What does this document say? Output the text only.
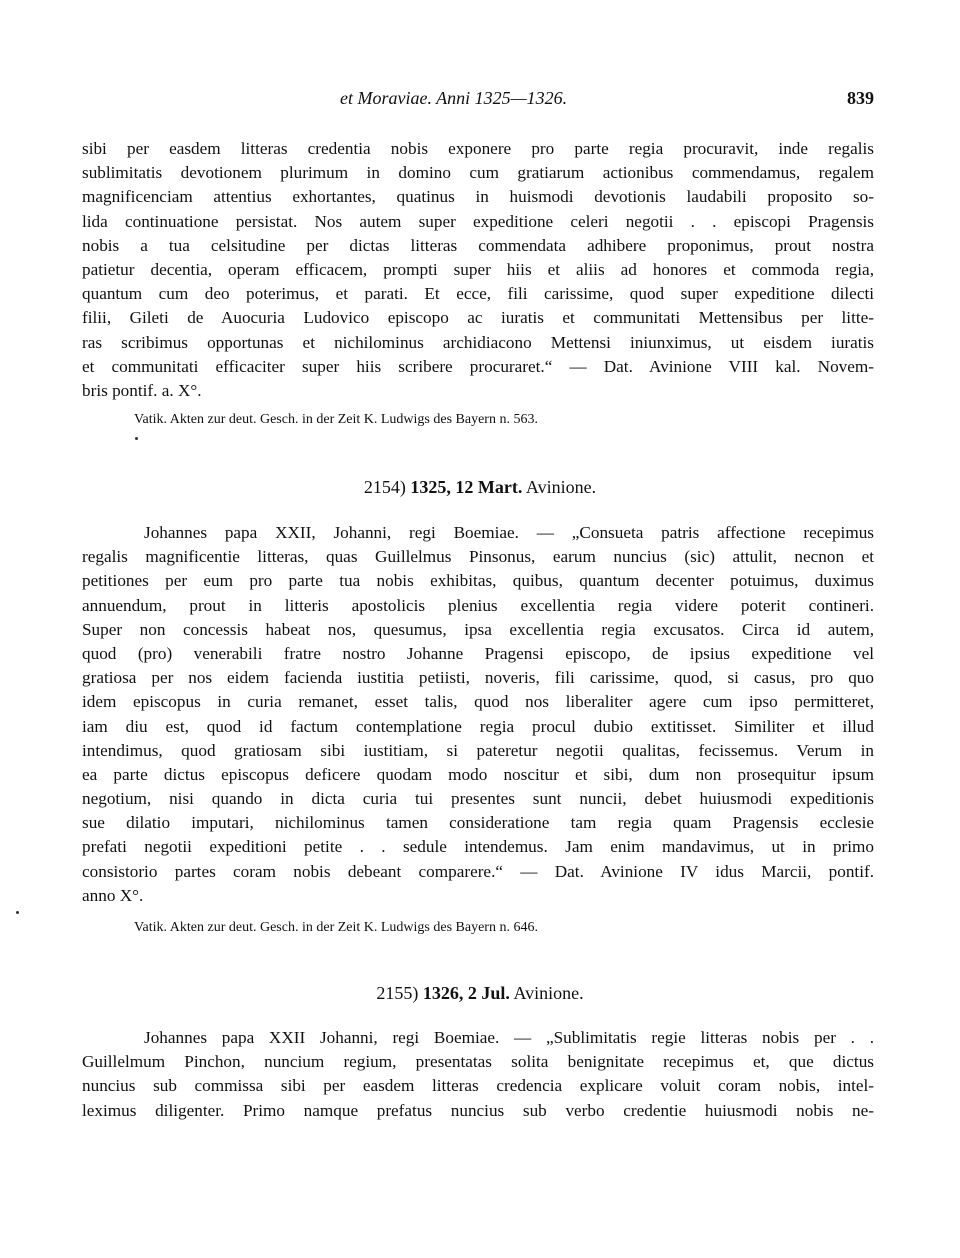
et Moraviae. Anni 1325—1326.	839
sibi per easdem litteras credentia nobis exponere pro parte regia procuravit, inde regalis
sublimitatis devotionem plurimum in domino cum gratiarum actionibus commendamus, regalem
magnificenciam attentius exhortantes, quatinus in huismodi devotionis laudabili proposito so-
lida continuatione persistat. Nos autem super expeditione celeri negotii . . episcopi Pragensis
nobis a tua celsitudine per dictas litteras commendata adhibere proponimus, prout nostra
patietur decentia, operam efficacem, prompti super hiis et aliis ad honores et commoda regia,
quantum cum deo poterimus, et parati. Et ecce, fili carissime, quod super expeditione dilecti
filii, Gileti de Auocuria Ludovico episcopo ac iuratis et communitati Mettensibus per litte-
ras scribimus opportunas et nichilominus archidiacono Mettensi iniunximus, ut eisdem iuratis
et communitati efficaciter super hiis scribere procuraret.“ — Dat. Avinione VIII kal. Novem-
bris pontif. a. X°.
Vatik. Akten zur deut. Gesch. in der Zeit K. Ludwigs des Bayern n. 563.
2154) 1325, 12 Mart. Avinione.
Johannes papa XXII, Johanni, regi Boemiae. — „Consueta patris affectione recepimus
regalis magnificentie litteras, quas Guillelmus Pinsonus, earum nuncius (sic) attulit, necnon et
petitiones per eum pro parte tua nobis exhibitas, quibus, quantum decenter potuimus, duximus
annuendum, prout in litteris apostolicis plenius excellentia regia videre poterit contineri.
Super non concessis habeat nos, quesumus, ipsa excellentia regia excusatos. Circa id autem,
quod (pro) venerabili fratre nostro Johanne Pragensi episcopo, de ipsius expeditione vel
gratiosa per nos eidem facienda iustitia petiisti, noveris, fili carissime, quod, si casus, pro quo
idem episcopus in curia remanet, esset talis, quod nos liberaliter agere cum ipso permitteret,
iam diu est, quod id factum contemplatione regia procul dubio extitisset. Similiter et illud
intendimus, quod gratiosam sibi iustitiam, si pateretur negotii qualitas, fecissemus. Verum in
ea parte dictus episcopus deficere quodam modo noscitur et sibi, dum non prosequitur ipsum
negotium, nisi quando in dicta curia tui presentes sunt nuncii, debet huiusmodi expeditionis
sue dilatio imputari, nichilominus tamen consideratione tam regia quam Pragensis ecclesie
prefati negotii expeditioni petite . . sedule intendemus. Jam enim mandavimus, ut in primo
consistorio partes coram nobis debeant comparere.“ — Dat. Avinione IV idus Marcii, pontif.
anno X°.
Vatik. Akten zur deut. Gesch. in der Zeit K. Ludwigs des Bayern n. 646.
2155) 1326, 2 Jul. Avinione.
Johannes papa XXII Johanni, regi Boemiae. — „Sublimitatis regie litteras nobis per . .
Guillelmum Pinchon, nuncium regium, presentatas solita benignitate recepimus et, que dictus
nuncius sub commissa sibi per easdem litteras credencia explicare voluit coram nobis, intel-
leximus diligenter. Primo namque prefatus nuncius sub verbo credentie huiusmodi nobis ne-
